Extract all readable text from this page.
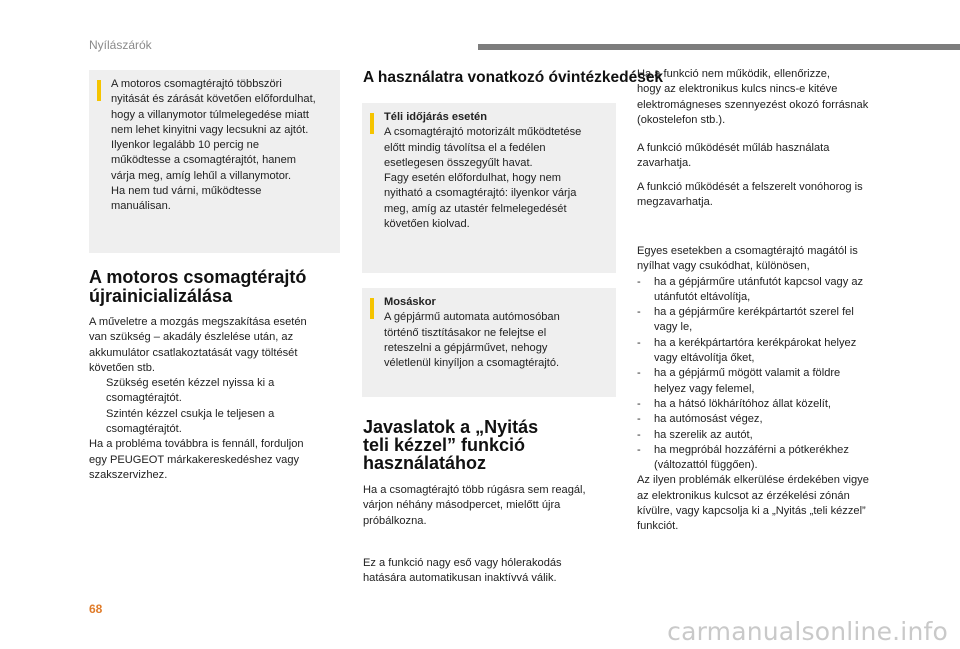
Nyílászárók
A motoros csomagtérajtó többszöri
nyitását és zárását követően előfordulhat,
hogy a villanymotor túlmelegedése miatt
nem lehet kinyitni vagy lecsukni az ajtót.
Ilyenkor legalább 10 percig ne
működtesse a csomagtérajtót, hanem
várja meg, amíg lehűl a villanymotor.
Ha nem tud várni, működtesse
manuálisan.
A motoros csomagtérajtó
újrainicializálása
A műveletre a mozgás megszakítása esetén
van szükség – akadály észlelése után, az
akkumulátor csatlakoztatását vagy töltését
követően stb.
Szükség esetén kézzel nyissa ki a
csomagtérajtót.
Szintén kézzel csukja le teljesen a
csomagtérajtót.
Ha a probléma továbbra is fennáll, forduljon
egy PEUGEOT márkakereskedéshez vagy
szakszervizhez.
A használatra vonatkozó óvintézkedések
Téli időjárás esetén
A csomagtérajtó motorizált működtetése
előtt mindig távolítsa el a fedélen
esetlegesen összegyűlt havat.
Fagy esetén előfordulhat, hogy nem
nyitható a csomagtérajtó: ilyenkor várja
meg, amíg az utastér felmelegedését
követően kiolvad.
Mosáskor
A gépjármű automata autómosóban
történő tisztításakor ne felejtse el
reteszelni a gépjárművet, nehogy
véletlenül kinyíljon a csomagtérajtó.
Javaslatok a „Nyitás
teli kézzel” funkció
használatához
Ha a csomagtérajtó több rúgásra sem reagál,
várjon néhány másodpercet, mielőtt újra
próbálkozna.
Ez a funkció nagy eső vagy hólerakodás
hatására automatikusan inaktívvá válik.
Ha a funkció nem működik, ellenőrizze,
hogy az elektronikus kulcs nincs-e kitéve
elektromágneses szennyezést okozó forrásnak
(okostelefon stb.).
A funkció működését műláb használata
zavarhatja.
A funkció működését a felszerelt vonóhorog is
megzavarhatja.
Egyes esetekben a csomagtérajtó magától is
nyílhat vagy csukódhat, különösen,
- ha a gépjárműre utánfutót kapcsol vagy az
utánfutót eltávolítja,
- ha a gépjárműre kerékpártartót szerel fel
vagy le,
- ha a kerékpártartóra kerékpárokat helyez
vagy eltávolítja őket,
- ha a gépjármű mögött valamit a földre
helyez vagy felemel,
- ha a hátsó lökhárítóhoz állat közelít,
- ha autómosást végez,
- ha szerelik az autót,
- ha megpróbál hozzáférni a pótkerékhez
(változattól függően).
Az ilyen problémák elkerülése érdekében vigye
az elektronikus kulcsot az érzékelési zónán
kívülre, vagy kapcsolja ki a „Nyitás „teli kézzel”
funkciót.
68
carmanualsonline.info
